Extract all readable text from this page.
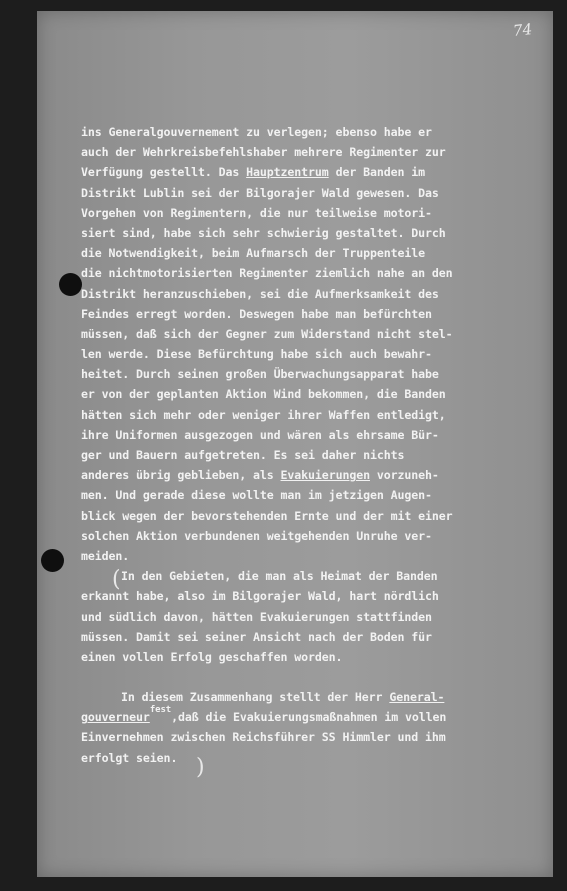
74
(
)
ins Generalgouvernement zu verlegen; ebenso habe er
auch der Wehrkreisbefehlshaber mehrere Regimenter zur
Verfügung gestellt. Das Hauptzentrum der Banden im
Distrikt Lublin sei der Bilgorajer Wald gewesen. Das
Vorgehen von Regimentern, die nur teilweise motori-
siert sind, habe sich sehr schwierig gestaltet. Durch
die Notwendigkeit, beim Aufmarsch der Truppenteile
die nichtmotorisierten Regimenter ziemlich nahe an den
Distrikt heranzuschieben, sei die Aufmerksamkeit des
Feindes erregt worden. Deswegen habe man befürchten
müssen, daß sich der Gegner zum Widerstand nicht stel-
len werde. Diese Befürchtung habe sich auch bewahr-
heitet. Durch seinen großen Überwachungsapparat habe
er von der geplanten Aktion Wind bekommen, die Banden
hätten sich mehr oder weniger ihrer Waffen entledigt,
ihre Uniformen ausgezogen und wären als ehrsame Bür-
ger und Bauern aufgetreten. Es sei daher nichts
anderes übrig geblieben, als Evakuierungen vorzuneh-
men. Und gerade diese wollte man im jetzigen Augen-
blick wegen der bevorstehenden Ernte und der mit einer
solchen Aktion verbundenen weitgehenden Unruhe ver-
meiden.
In den Gebieten, die man als Heimat der Banden
erkannt habe, also im Bilgorajer Wald, hart nördlich
und südlich davon, hätten Evakuierungen stattfinden
müssen. Damit sei seiner Ansicht nach der Boden für
einen vollen Erfolg geschaffen worden.
In diesem Zusammenhang stellt der Herr General-
gouverneur$^{fest}$,daß die Evakuierungsmaßnahmen im vollen
Einvernehmen zwischen Reichsführer SS Himmler und ihm
erfolgt seien.
